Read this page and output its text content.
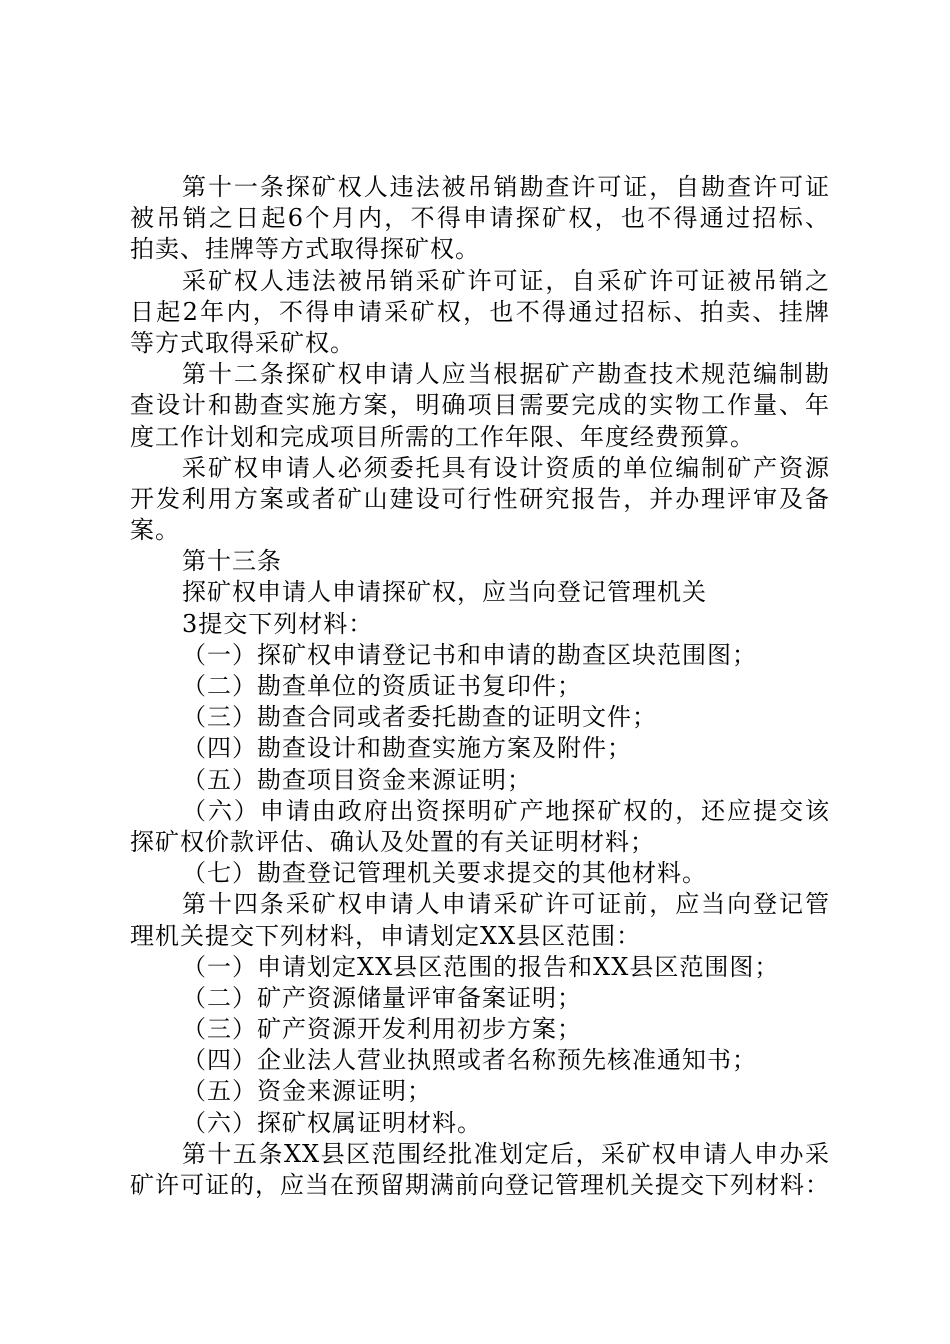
第十一条探矿权人违法被吊销勘查许可证，自勘查许可证
被吊销之日起6个月内，不得申请探矿权，也不得通过招标、
拍卖、挂牌等方式取得探矿权。
采矿权人违法被吊销采矿许可证，自采矿许可证被吊销之
日起2年内，不得申请采矿权，也不得通过招标、拍卖、挂牌
等方式取得采矿权。
第十二条探矿权申请人应当根据矿产勘查技术规范编制勘
查设计和勘查实施方案，明确项目需要完成的实物工作量、年
度工作计划和完成项目所需的工作年限、年度经费预算。
采矿权申请人必须委托具有设计资质的单位编制矿产资源
开发利用方案或者矿山建设可行性研究报告，并办理评审及备
案。
第十三条
探矿权申请人申请探矿权，应当向登记管理机关
3提交下列材料：
（一）探矿权申请登记书和申请的勘查区块范围图；
（二）勘查单位的资质证书复印件；
（三）勘查合同或者委托勘查的证明文件；
（四）勘查设计和勘查实施方案及附件；
（五）勘查项目资金来源证明；
（六）申请由政府出资探明矿产地探矿权的，还应提交该
探矿权价款评估、确认及处置的有关证明材料；
（七）勘查登记管理机关要求提交的其他材料。
第十四条采矿权申请人申请采矿许可证前，应当向登记管
理机关提交下列材料，申请划定XX县区范围：
（一）申请划定XX县区范围的报告和XX县区范围图；
（二）矿产资源储量评审备案证明；
（三）矿产资源开发利用初步方案；
（四）企业法人营业执照或者名称预先核准通知书；
（五）资金来源证明；
（六）探矿权属证明材料。
第十五条XX县区范围经批准划定后，采矿权申请人申办采
矿许可证的，应当在预留期满前向登记管理机关提交下列材料：
